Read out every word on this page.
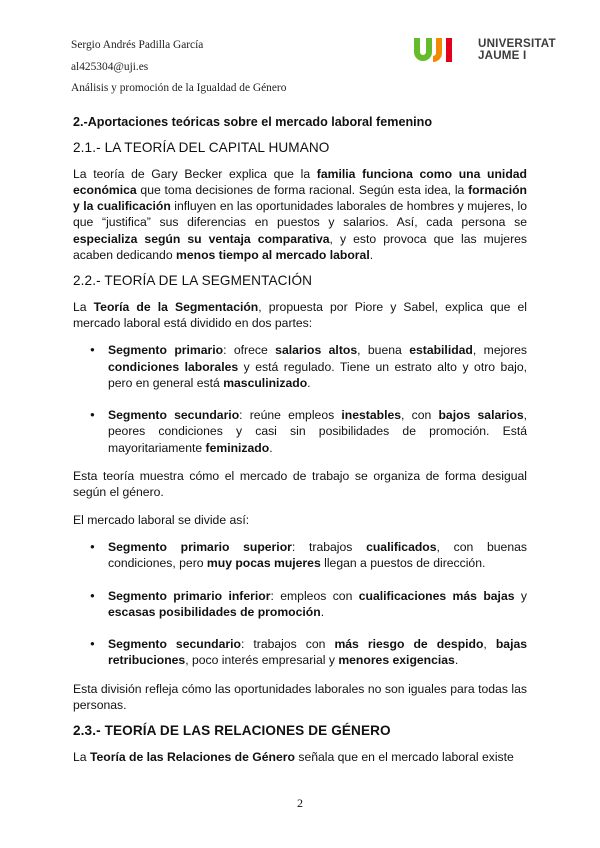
Sergio Andrés Padilla García
al425304@uji.es
Análisis y promoción de la Igualdad de Género
UNIVERSITAT
JAUME I
2.-Aportaciones teóricas sobre el mercado laboral femenino
2.1.- LA TEORÍA DEL CAPITAL HUMANO

La teoría de Gary Becker explica que la familia funciona como una unidad económica que toma decisiones de forma racional. Según esta idea, la formación y la cualificación influyen en las oportunidades laborales de hombres y mujeres, lo que “justifica” sus diferencias en puestos y salarios. Así, cada persona se especializa según su ventaja comparativa, y esto provoca que las mujeres acaben dedicando menos tiempo al mercado laboral.

2.2.- TEORÍA DE LA SEGMENTACIÓN

La Teoría de la Segmentación, propuesta por Piore y Sabel, explica que el mercado laboral está dividido en dos partes:

● Segmento primario: ofrece salarios altos, buena estabilidad, mejores condiciones laborales y está regulado. Tiene un estrato alto y otro bajo, pero en general está masculinizado.
● Segmento secundario: reúne empleos inestables, con bajos salarios, peores condiciones y casi sin posibilidades de promoción. Está mayoritariamente feminizado.

Esta teoría muestra cómo el mercado de trabajo se organiza de forma desigual según el género.

El mercado laboral se divide así:

● Segmento primario superior: trabajos cualificados, con buenas condiciones, pero muy pocas mujeres llegan a puestos de dirección.
● Segmento primario inferior: empleos con cualificaciones más bajas y escasas posibilidades de promoción.
● Segmento secundario: trabajos con más riesgo de despido, bajas retribuciones, poco interés empresarial y menores exigencias.

Esta división refleja cómo las oportunidades laborales no son iguales para todas las personas.

2.3.- TEORÍA DE LAS RELACIONES DE GÉNERO

La Teoría de las Relaciones de Género señala que en el mercado laboral existe

2
